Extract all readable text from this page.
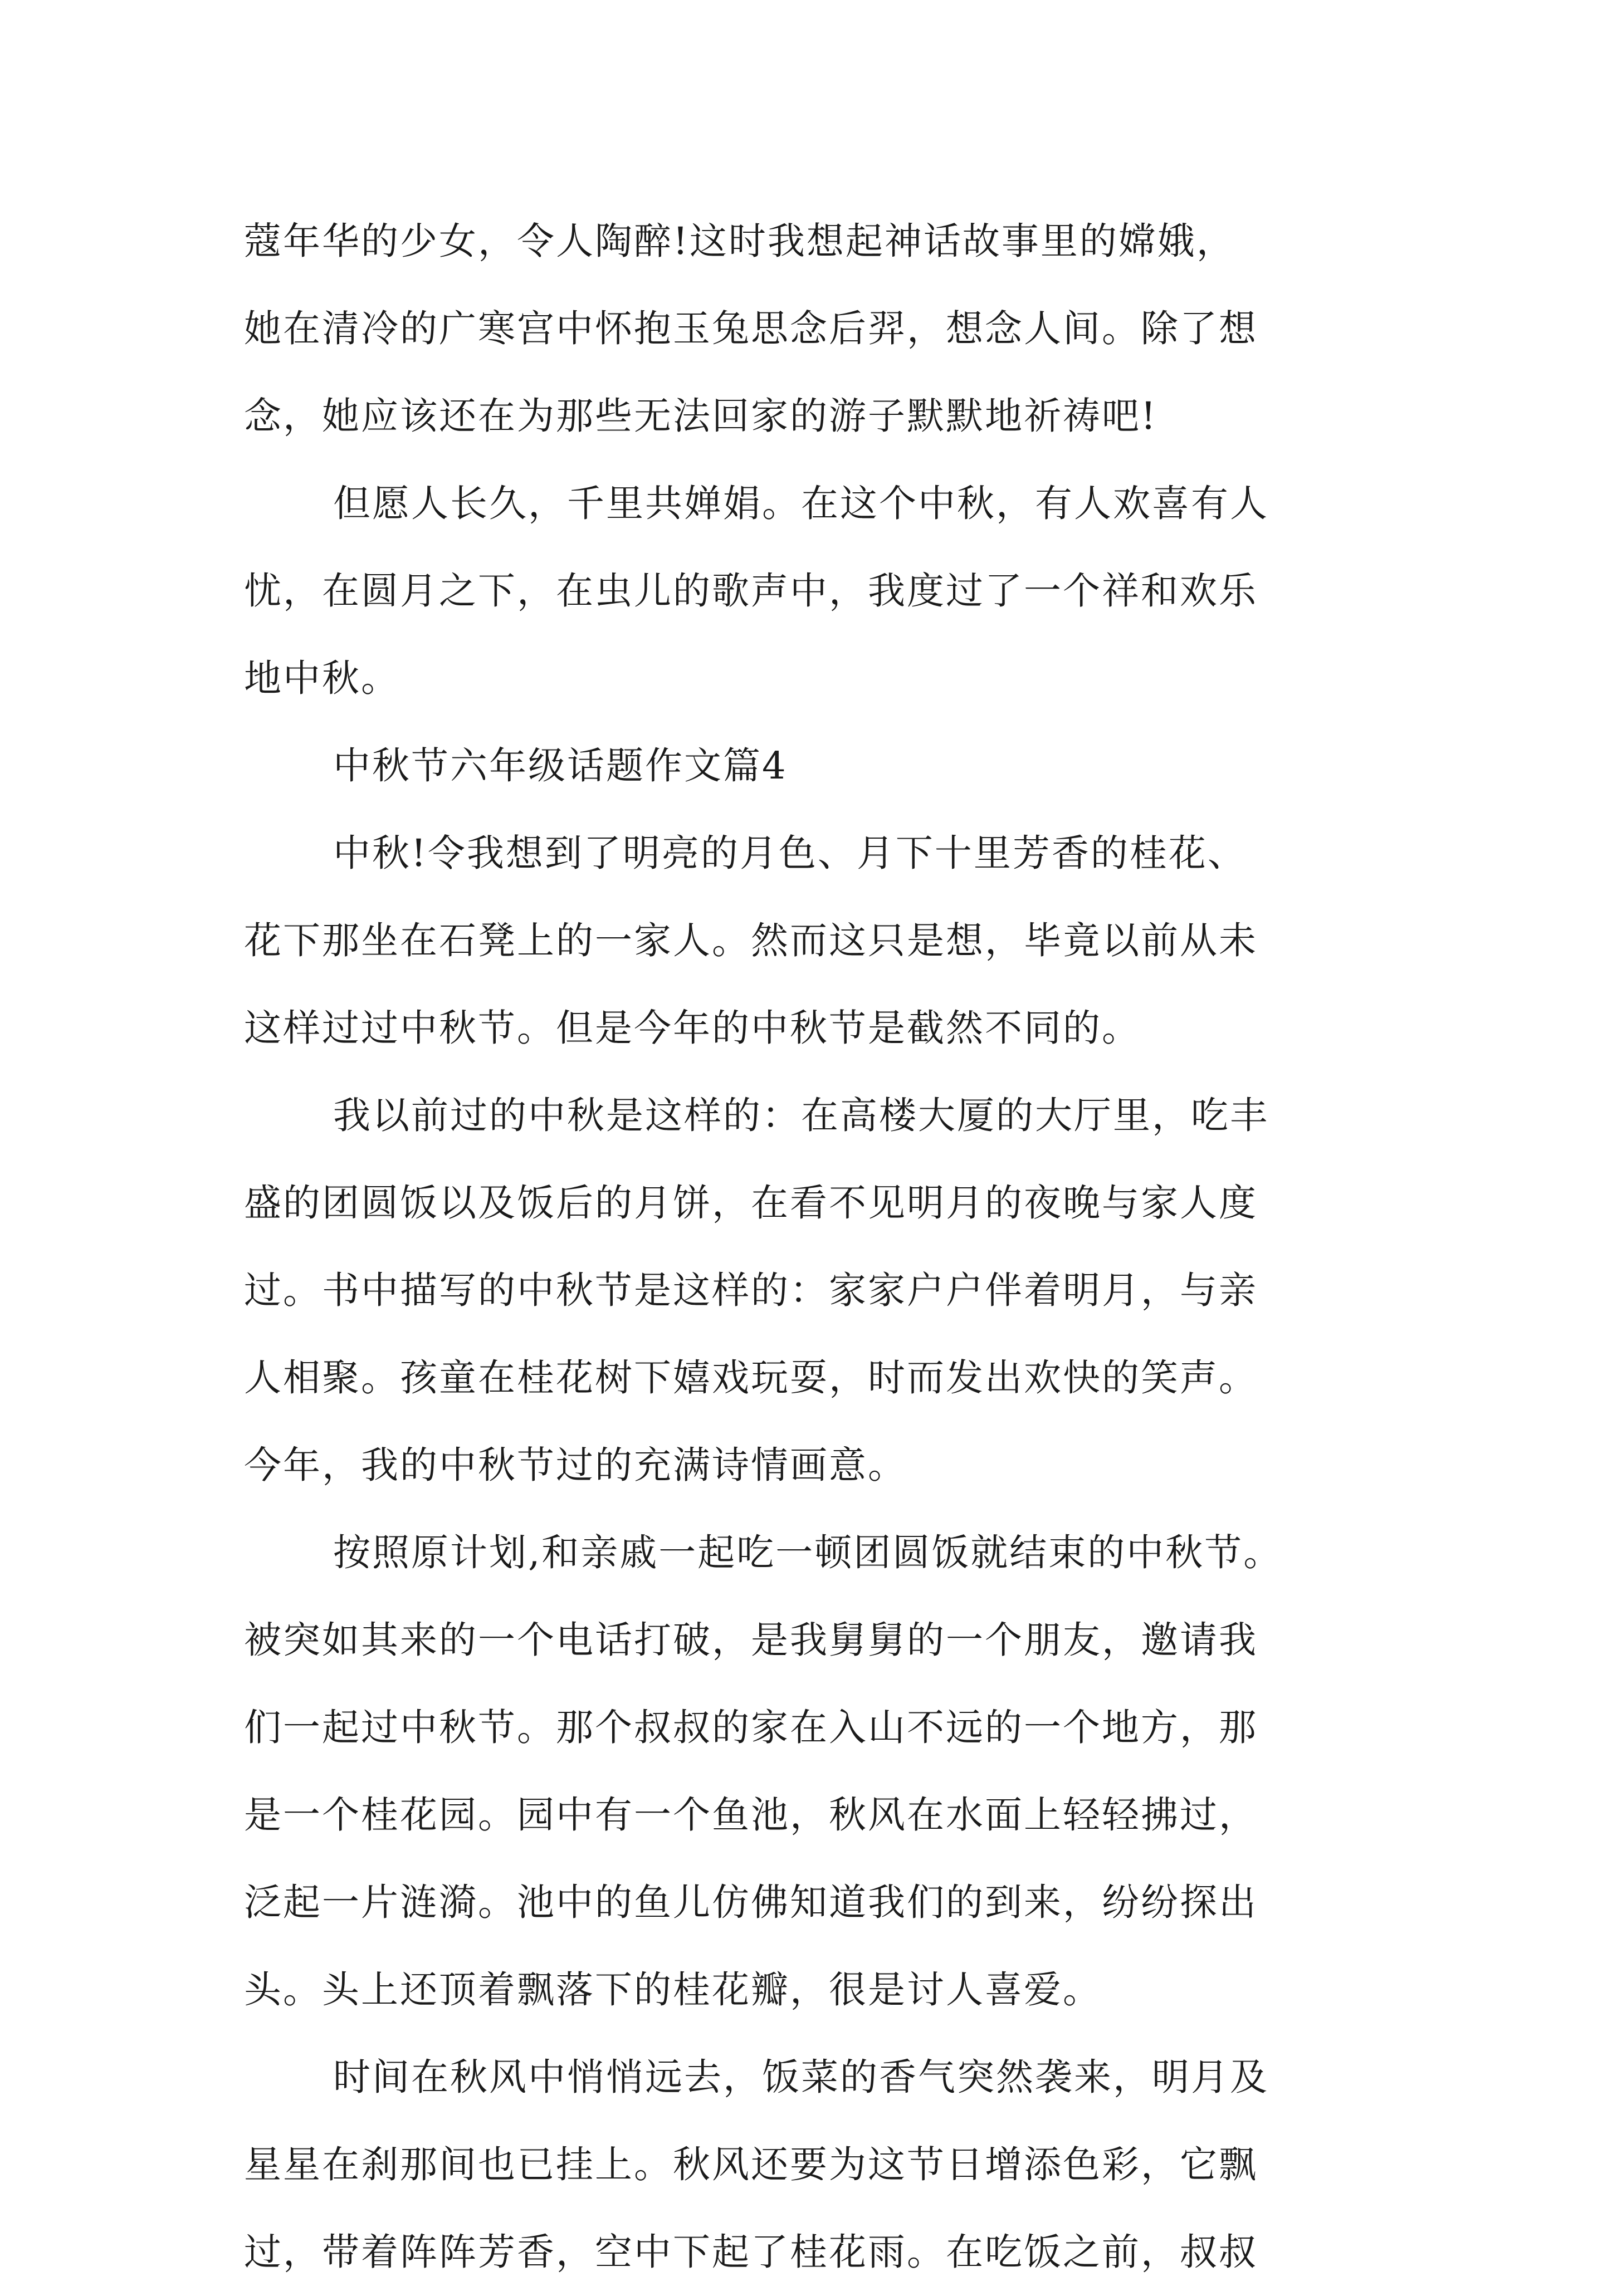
蔻年华的少女，令人陶醉!这时我想起神话故事里的嫦娥，
她在清冷的广寒宫中怀抱玉兔思念后羿，想念人间。除了想
念，她应该还在为那些无法回家的游子默默地祈祷吧!
但愿人长久，千里共婵娟。在这个中秋，有人欢喜有人
忧，在圆月之下，在虫儿的歌声中，我度过了一个祥和欢乐
地中秋。
中秋节六年级话题作文篇4
中秋!令我想到了明亮的月色、月下十里芳香的桂花、
花下那坐在石凳上的一家人。然而这只是想，毕竟以前从未
这样过过中秋节。但是今年的中秋节是截然不同的。
我以前过的中秋是这样的：在高楼大厦的大厅里，吃丰
盛的团圆饭以及饭后的月饼，在看不见明月的夜晚与家人度
过。书中描写的中秋节是这样的：家家户户伴着明月，与亲
人相聚。孩童在桂花树下嬉戏玩耍，时而发出欢快的笑声。
今年，我的中秋节过的充满诗情画意。
按照原计划,和亲戚一起吃一顿团圆饭就结束的中秋节。
被突如其来的一个电话打破，是我舅舅的一个朋友，邀请我
们一起过中秋节。那个叔叔的家在入山不远的一个地方，那
是一个桂花园。园中有一个鱼池，秋风在水面上轻轻拂过，
泛起一片涟漪。池中的鱼儿仿佛知道我们的到来，纷纷探出
头。头上还顶着飘落下的桂花瓣，很是讨人喜爱。
时间在秋风中悄悄远去，饭菜的香气突然袭来，明月及
星星在刹那间也已挂上。秋风还要为这节日增添色彩，它飘
过，带着阵阵芳香，空中下起了桂花雨。在吃饭之前，叔叔
